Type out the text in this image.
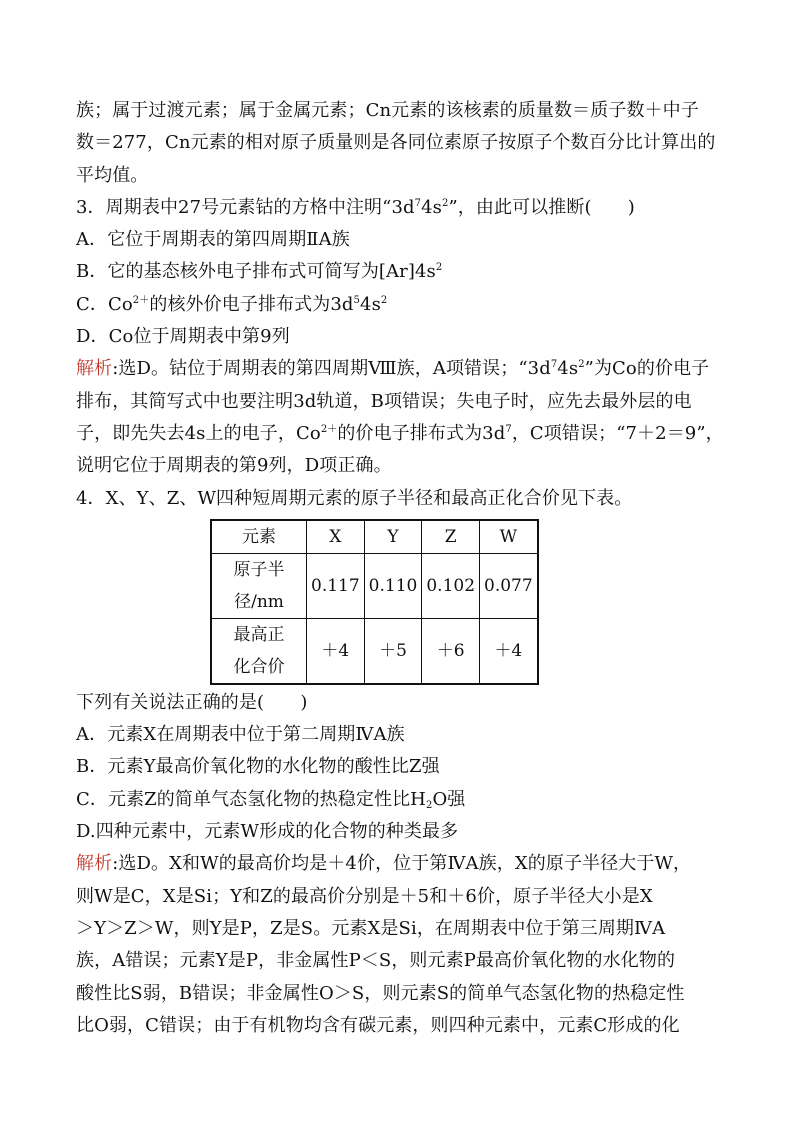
族；属于过渡元素；属于金属元素；Cn元素的该核素的质量数＝质子数＋中子
数＝277，Cn元素的相对原子质量则是各同位素原子按原子个数百分比计算出的
平均值。
3．周期表中27号元素钴的方格中注明“$3d^74s^2$”，由此可以推断(　　)
A．它位于周期表的第四周期ⅡA族
B．它的基态核外电子排布式可简写为$[Ar]4s^2$
C．$Co^{2+}$的核外价电子排布式为$3d^54s^2$
D．Co位于周期表中第9列
解析:选D。钴位于周期表的第四周期Ⅷ族，A项错误；“$3d^74s^2$”为Co的价电子
排布，其简写式中也要注明3d轨道，B项错误；失电子时，应先去最外层的电
子，即先失去4s上的电子，$Co^{2+}$的价电子排布式为$3d^7$，C项错误；“7＋2＝9”，
说明它位于周期表的第9列，D项正确。
4．X、Y、Z、W四种短周期元素的原子半径和最高正化合价见下表。
元素	X	Y	Z	W

原子半
径/nm	0.117	0.110	0.102	0.077

最高正
化合价	＋4	＋5	＋6	＋4
下列有关说法正确的是(　　)
A．元素X在周期表中位于第二周期ⅣA族
B．元素Y最高价氧化物的水化物的酸性比Z强
C．元素Z的简单气态氢化物的热稳定性比$H_2O$强
D.四种元素中，元素W形成的化合物的种类最多
解析:选D。X和W的最高价均是＋4价，位于第ⅣA族，X的原子半径大于W，
则W是C，X是Si；Y和Z的最高价分别是＋5和＋6价，原子半径大小是X
＞Y＞Z＞W，则Y是P，Z是S。元素X是Si，在周期表中位于第三周期ⅣA
族，A错误；元素Y是P，非金属性P＜S，则元素P最高价氧化物的水化物的
酸性比S弱，B错误；非金属性O＞S，则元素S的简单气态氢化物的热稳定性
比O弱，C错误；由于有机物均含有碳元素，则四种元素中，元素C形成的化
